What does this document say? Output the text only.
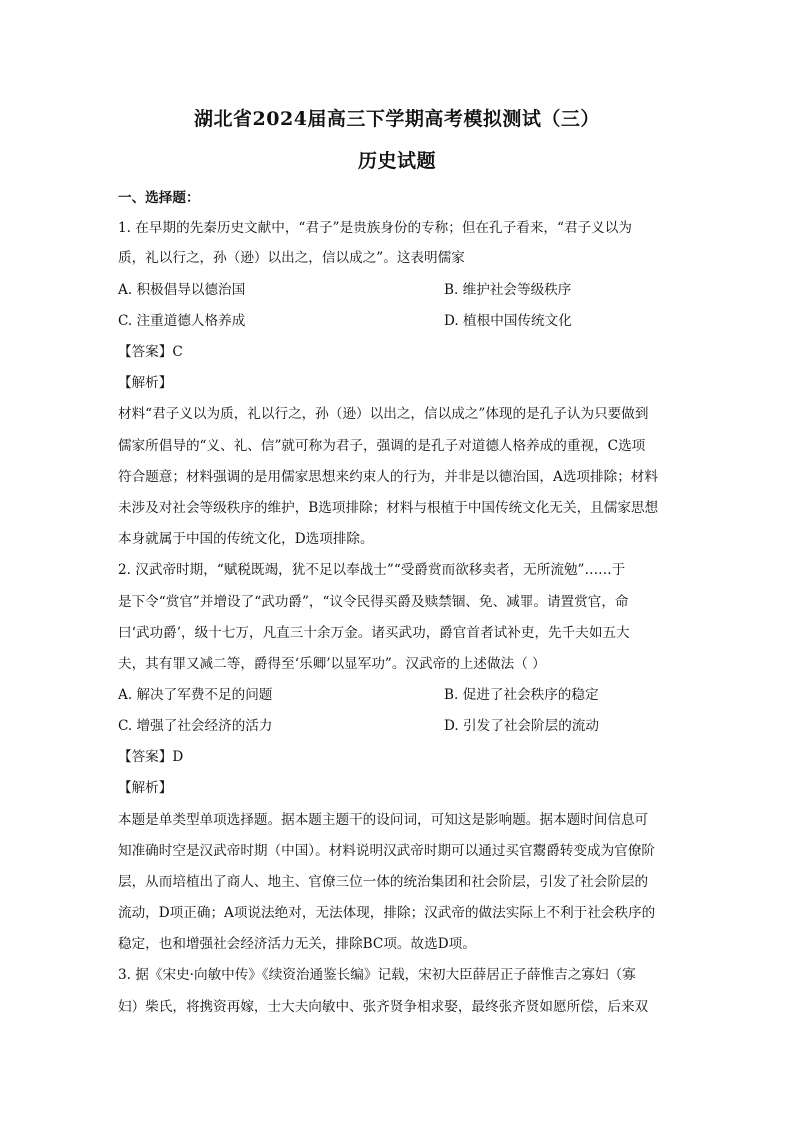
湖北省2024届高三下学期高考模拟测试（三）
历史试题
一、选择题：
1. 在早期的先秦历史文献中，“君子”是贵族身份的专称；但在孔子看来，“君子义以为
质，礼以行之，孙（逊）以出之，信以成之”。这表明儒家
A. 积极倡导以德治国	B. 维护社会等级秩序
C. 注重道德人格养成	D. 植根中国传统文化
【答案】C
【解析】
材料“君子义以为质，礼以行之，孙（逊）以出之，信以成之”体现的是孔子认为只要做到
儒家所倡导的“义、礼、信”就可称为君子，强调的是孔子对道德人格养成的重视，C选项
符合题意；材料强调的是用儒家思想来约束人的行为，并非是以德治国，A选项排除；材料
未涉及对社会等级秩序的维护，B选项排除；材料与根植于中国传统文化无关，且儒家思想
本身就属于中国的传统文化，D选项排除。
2. 汉武帝时期，“赋税既竭，犹不足以奉战士”“受爵赏而欲移卖者，无所流勉”……于
是下令“赏官”并增设了“武功爵”，“议令民得买爵及赎禁锢、免、减罪。请置赏官，命
曰‘武功爵’，级十七万，凡直三十余万金。诸买武功，爵官首者试补吏，先千夫如五大
夫，其有罪又减二等，爵得至‘乐卿’以显军功”。汉武帝的上述做法（ ）
A. 解决了军费不足的问题	B. 促进了社会秩序的稳定
C. 增强了社会经济的活力	D. 引发了社会阶层的流动
【答案】D
【解析】
本题是单类型单项选择题。据本题主题干的设问词，可知这是影响题。据本题时间信息可
知准确时空是汉武帝时期（中国）。材料说明汉武帝时期可以通过买官鬻爵转变成为官僚阶
层，从而培植出了商人、地主、官僚三位一体的统治集团和社会阶层，引发了社会阶层的
流动，D项正确；A项说法绝对，无法体现，排除；汉武帝的做法实际上不利于社会秩序的
稳定，也和增强社会经济活力无关，排除BC项。故选D项。
3. 据《宋史·向敏中传》《续资治通鉴长编》记载，宋初大臣薛居正子薛惟吉之寡妇（寡
妇）柴氏，将携资再嫁，士大夫向敏中、张齐贤争相求娶，最终张齐贤如愿所偿，后来双
